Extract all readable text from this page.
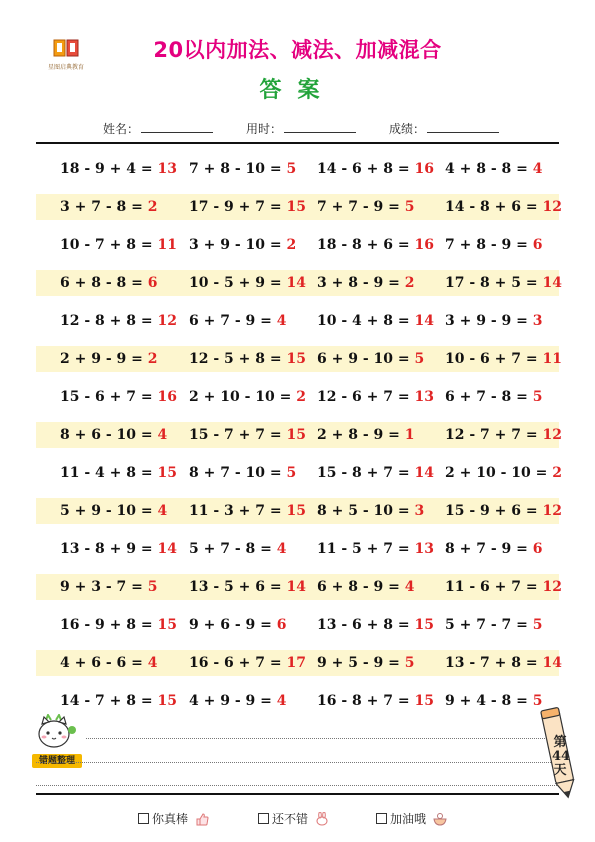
星图启典教育
20以内加法、减法、加减混合
答案
姓名：	用时：	成绩：
18 - 9 + 4 = 13 7 + 8 - 10 = 5 14 - 6 + 8 = 16 4 + 8 - 8 = 4
3 + 7 - 8 = 2 17 - 9 + 7 = 15 7 + 7 - 9 = 5 14 - 8 + 6 = 12
10 - 7 + 8 = 11 3 + 9 - 10 = 2 18 - 8 + 6 = 16 7 + 8 - 9 = 6
6 + 8 - 8 = 6 10 - 5 + 9 = 14 3 + 8 - 9 = 2 17 - 8 + 5 = 14
12 - 8 + 8 = 12 6 + 7 - 9 = 4 10 - 4 + 8 = 14 3 + 9 - 9 = 3
2 + 9 - 9 = 2 12 - 5 + 8 = 15 6 + 9 - 10 = 5 10 - 6 + 7 = 11
15 - 6 + 7 = 16 2 + 10 - 10 = 2 12 - 6 + 7 = 13 6 + 7 - 8 = 5
8 + 6 - 10 = 4 15 - 7 + 7 = 15 2 + 8 - 9 = 1 12 - 7 + 7 = 12
11 - 4 + 8 = 15 8 + 7 - 10 = 5 15 - 8 + 7 = 14 2 + 10 - 10 = 2
5 + 9 - 10 = 4 11 - 3 + 7 = 15 8 + 5 - 10 = 3 15 - 9 + 6 = 12
13 - 8 + 9 = 14 5 + 7 - 8 = 4 11 - 5 + 7 = 13 8 + 7 - 9 = 6
9 + 3 - 7 = 5 13 - 5 + 6 = 14 6 + 8 - 9 = 4 11 - 6 + 7 = 12
16 - 9 + 8 = 15 9 + 6 - 9 = 6 13 - 6 + 8 = 15 5 + 7 - 7 = 5
4 + 6 - 6 = 4 16 - 6 + 7 = 17 9 + 5 - 9 = 5 13 - 7 + 8 = 14
14 - 7 + 8 = 15 4 + 9 - 9 = 4 16 - 8 + 7 = 15 9 + 4 - 8 = 5
错题整理
第44天
你真棒	还不错	加油哦
